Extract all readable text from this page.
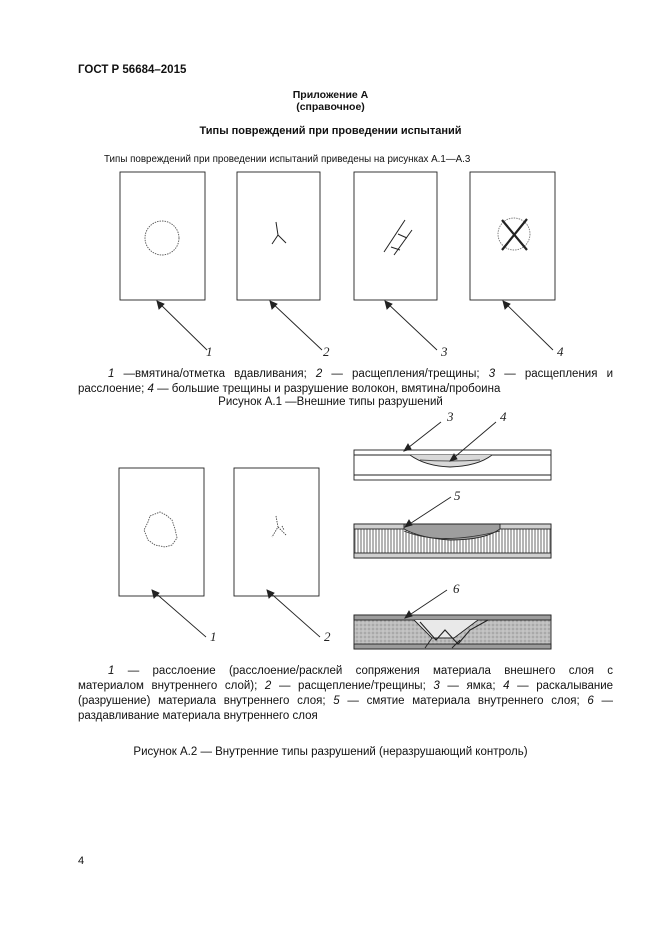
ГОСТ Р 56684–2015
Приложение А
(справочное)
Типы повреждений при проведении испытаний
Типы повреждений при проведении испытаний приведены на рисунках А.1—А.3
1	2	3	4
1	2
3	4
5
6
1 —вмятина/отметка вдавливания; 2 — расщепления/трещины; 3 — расщепления и
расслоение; 4 — большие трещины и разрушение волокон, вмятина/пробоина
Рисунок А.1 —Внешние типы разрушений
1 — расслоение (расслоение/расклей сопряжения материала внешнего слоя с
материалом внутреннего слой); 2 — расщепление/трещины; 3 — ямка; 4 — раскалывание
(разрушение) материала внутреннего слоя; 5 — смятие материала внутреннего слоя; 6 —
раздавливание материала внутреннего слоя
Рисунок А.2 — Внутренние типы разрушений (неразрушающий контроль)
4
